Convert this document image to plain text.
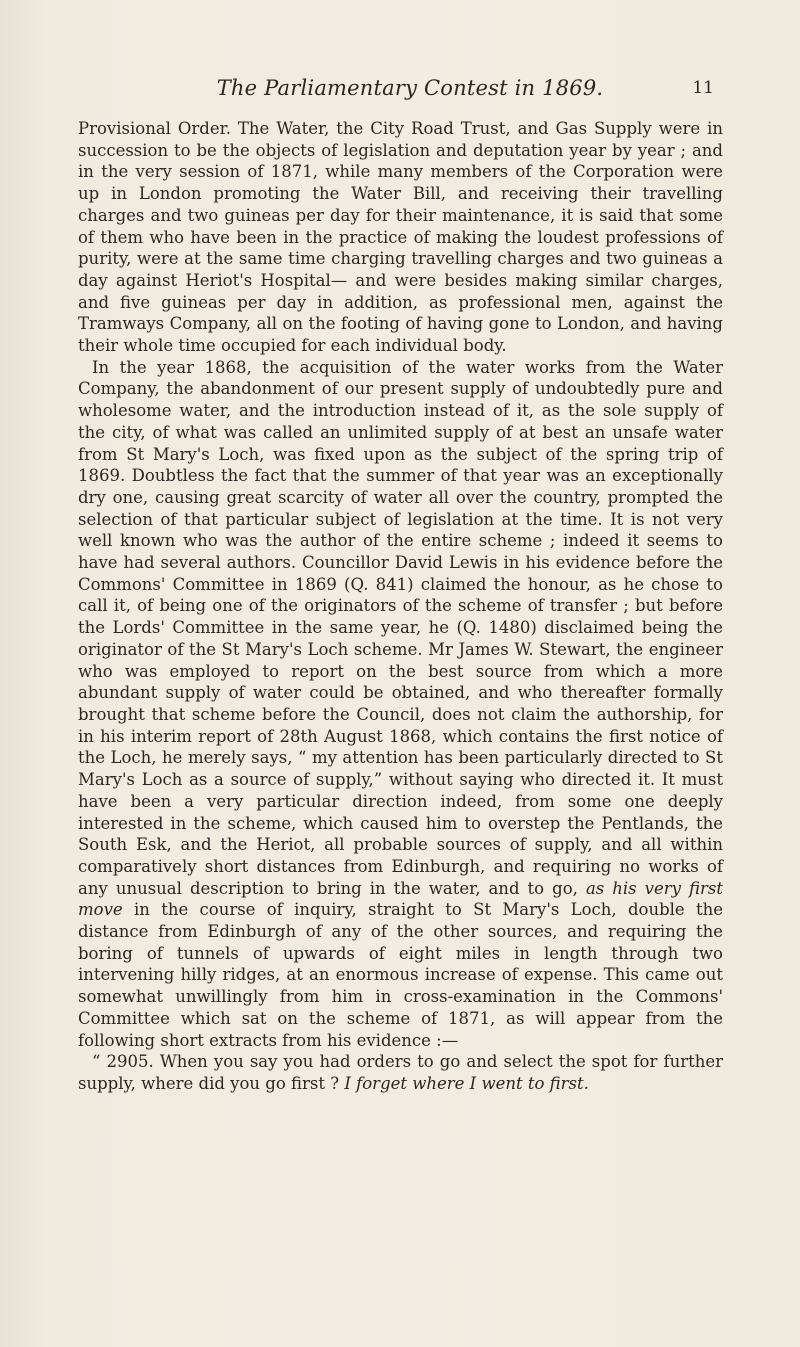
The Parliamentary Contest in 1869.	11

Provisional Order. The Water, the City Road Trust, and Gas Supply were in succession to be the objects of legislation and deputation year by year ; and in the very session of 1871, while many members of the Corporation were up in London promoting the Water Bill, and receiving their travelling charges and two guineas per day for their maintenance, it is said that some of them who have been in the practice of making the loudest professions of purity, were at the same time charging travelling charges and two guineas a day against Heriot's Hospital— and were besides making similar charges, and five guineas per day in addition, as professional men, against the Tramways Company, all on the footing of having gone to London, and having their whole time occupied for each individual body.

In the year 1868, the acquisition of the water works from the Water Company, the abandonment of our present supply of undoubtedly pure and wholesome water, and the introduction instead of it, as the sole supply of the city, of what was called an unlimited supply of at best an unsafe water from St Mary's Loch, was fixed upon as the subject of the spring trip of 1869. Doubtless the fact that the summer of that year was an exceptionally dry one, causing great scarcity of water all over the country, prompted the selection of that particular subject of legislation at the time. It is not very well known who was the author of the entire scheme ; indeed it seems to have had several authors. Councillor David Lewis in his evidence before the Commons' Committee in 1869 (Q. 841) claimed the honour, as he chose to call it, of being one of the originators of the scheme of transfer ; but before the Lords' Committee in the same year, he (Q. 1480) disclaimed being the originator of the St Mary's Loch scheme. Mr James W. Stewart, the engineer who was employed to report on the best source from which a more abundant supply of water could be obtained, and who thereafter formally brought that scheme before the Council, does not claim the authorship, for in his interim report of 28th August 1868, which contains the first notice of the Loch, he merely says, “ my attention has been particularly directed to St Mary's Loch as a source of supply,” without saying who directed it. It must have been a very particular direction indeed, from some one deeply interested in the scheme, which caused him to overstep the Pentlands, the South Esk, and the Heriot, all probable sources of supply, and all within comparatively short distances from Edinburgh, and requiring no works of any unusual description to bring in the water, and to go, as his very first move in the course of inquiry, straight to St Mary's Loch, double the distance from Edinburgh of any of the other sources, and requiring the boring of tunnels of upwards of eight miles in length through two intervening hilly ridges, at an enormous increase of expense. This came out somewhat unwillingly from him in cross-examination in the Commons' Committee which sat on the scheme of 1871, as will appear from the following short extracts from his evidence :—

“ 2905. When you say you had orders to go and select the spot for further supply, where did you go first ? I forget where I went to first.
